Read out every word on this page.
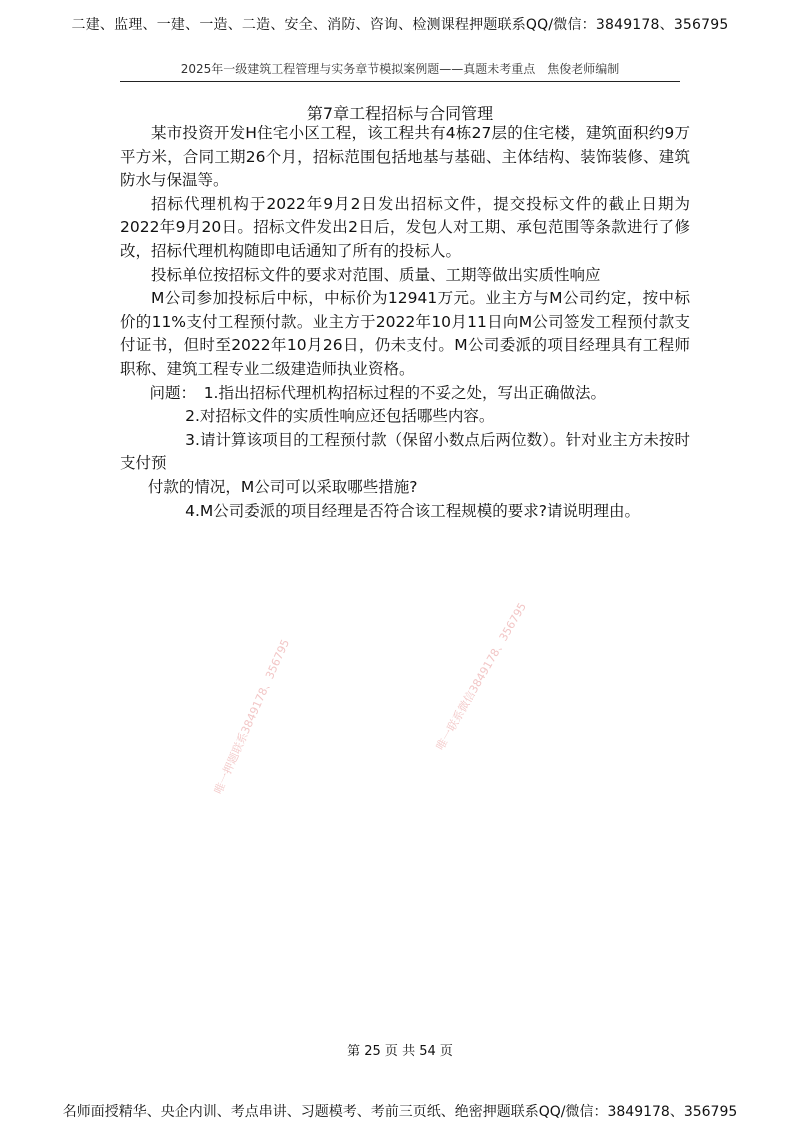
二建、监理、一建、一造、二造、安全、消防、咨询、检测课程押题联系QQ/微信：3849178、356795
2025年一级建筑工程管理与实务章节模拟案例题——真题未考重点　焦俊老师编制
第7章工程招标与合同管理

某市投资开发H住宅小区工程，该工程共有4栋27层的住宅楼，建筑面积约9万平方米，合同工期26个月，招标范围包括地基与基础、主体结构、装饰装修、建筑防水与保温等。

招标代理机构于2022年9月2日发出招标文件，提交投标文件的截止日期为2022年9月20日。招标文件发出2日后，发包人对工期、承包范围等条款进行了修改，招标代理机构随即电话通知了所有的投标人。

投标单位按招标文件的要求对范围、质量、工期等做出实质性响应

M公司参加投标后中标，中标价为12941万元。业主方与M公司约定，按中标价的11%支付工程预付款。业主方于2022年10月11日向M公司签发工程预付款支付证书，但时至2022年10月26日，仍未支付。M公司委派的项目经理具有工程师职称、建筑工程专业二级建造师执业资格。

问题：　1.指出招标代理机构招标过程的不妥之处，写出正确做法。

2.对招标文件的实质性响应还包括哪些内容。

3.请计算该项目的工程预付款（保留小数点后两位数）。针对业主方未按时支付预

付款的情况，M公司可以采取哪些措施?

4.M公司委派的项目经理是否符合该工程规模的要求?请说明理由。

唯一押题联系3849178、356795	唯一联系微信3849178、356795
第 25 页 共 54 页
名师面授精华、央企内训、考点串讲、习题模考、考前三页纸、绝密押题联系QQ/微信：3849178、356795
